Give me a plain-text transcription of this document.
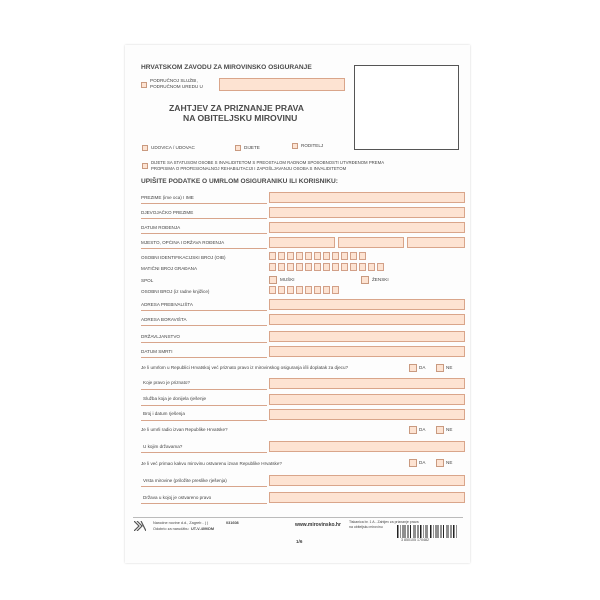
HRVATSKOM ZAVODU ZA MIROVINSKO OSIGURANJE
PODRUČNOJ SLUŽBI,
PODRUČNOM UREDU U
ZAHTJEV ZA PRIZNANJE PRAVA
NA OBITELJSKU MIROVINU
UDOVICA / UDOVAC	DIJETE	RODITELJ
DIJETE SA STATUSOM OSOBE S INVALIDITETOM S PREOSTALOM RADNOM SPOSOBNOSTI UTVRĐENOM PREMA
PROPISIMA O PROFESIONALNOJ REHABILITACIJI I ZAPOŠLJAVANJU OSOBA S INVALIDITETOM
UPIŠITE PODATKE O UMRLOM OSIGURANIKU ILI KORISNIKU:
PREZIME (ime oca) I IME
DJEVOJAČKO PREZIME
DATUM ROĐENJA
MJESTO, OPĆINA I DRŽAVA ROĐENJA
OSOBNI IDENTIFIKACIJSKI BROJ (OIB)
MATIČNI BROJ GRAĐANA
SPOL	MUŠKI	ŽENSKI
OSOBNI BROJ (iz radne knjižice)
ADRESA PREBIVALIŠTA
ADRESA BORAVIŠTA
DRŽAVLJANSTVO
DATUM SMRTI
Je li umrlom u Republici Hrvatskoj već priznato pravo iz mirovinskog osiguranja i/ili doplatak za djecu?	DA	NE
Koje pravo je priznato?
Služba koja je donijela rješenje
Broj i datum rješenja
Je li umrli radio izvan Republike Hrvatske?	DA	NE
U kojim državama?
Je li već primao kakvu mirovinu ostvarenu izvan Republike Hrvatske?	DA	NE
Vrsta mirovine (priložite preslike rješenja)
Država u kojoj je ostvareno pravo
Narodne novine d.d., Zagreb - ( )	031608
Odobrio za narudžbu UT-V-409/DM
www.mirovinsko.hr Tiskanica br. 1 A - Zahtjev za priznanje prava
na obiteljsku mirovinu
3 850105 170482
1/6
